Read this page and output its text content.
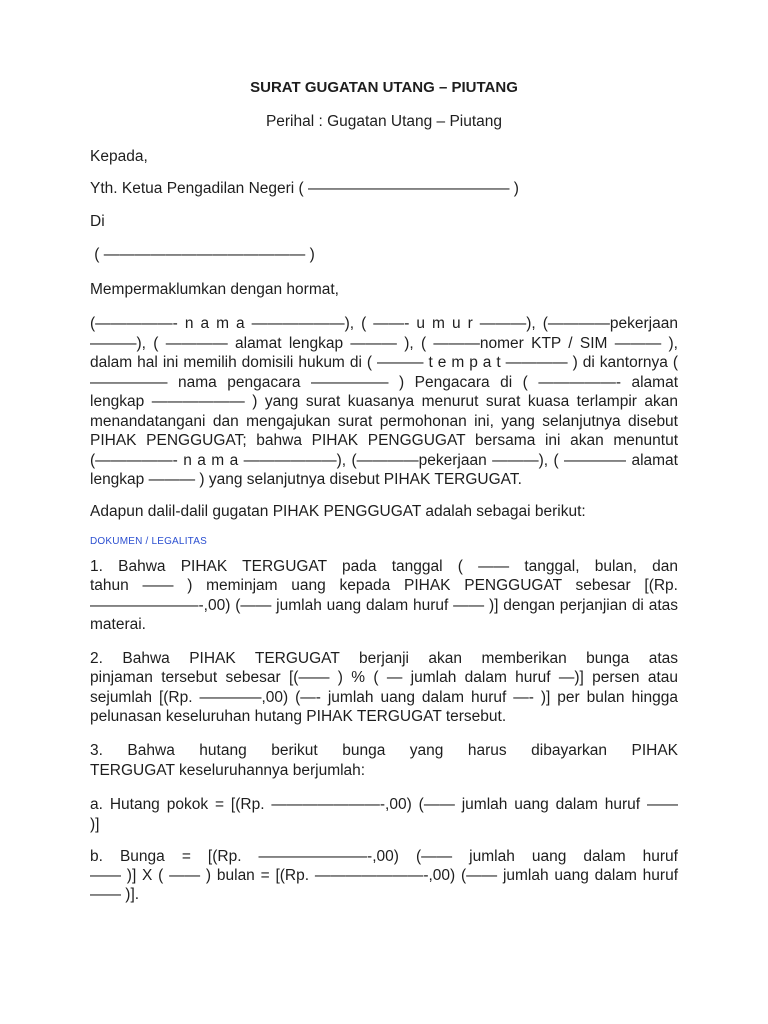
SURAT GUGATAN UTANG – PIUTANG
Perihal : Gugatan Utang – Piutang
Kepada,
Yth. Ketua Pengadilan Negeri ( ————————————— )
Di
( ————————————— )
Mempermaklumkan dengan hormat,
(—————- n a m a ——————), ( ——- u m u r ———), (————pekerjaan ———), ( ———— alamat lengkap ——— ), ( ———nomer KTP / SIM ——— ), dalam hal ini memilih domisili hukum di ( ——— t e m p a t ———— ) di kantornya ( ————— nama pengacara ————— ) Pengacara di ( —————- alamat lengkap —————— ) yang surat kuasanya menurut surat kuasa terlampir akan menandatangani dan mengajukan surat permohonan ini, yang selanjutnya disebut PIHAK PENGGUGAT; bahwa PIHAK PENGGUGAT bersama ini akan menuntut (—————- n a m a ——————), (————pekerjaan ———), ( ———— alamat lengkap ——— ) yang selanjutnya disebut PIHAK TERGUGAT.
Adapun dalil-dalil gugatan PIHAK PENGGUGAT adalah sebagai berikut:
DOKUMEN / LEGALITAS
1. Bahwa PIHAK TERGUGAT pada tanggal ( —— tanggal, bulan, dan
tahun —— ) meminjam uang kepada PIHAK PENGGUGAT sebesar [(Rp. ———————-,00) (—— jumlah uang dalam huruf —— )] dengan perjanjian di atas materai.
2. Bahwa PIHAK TERGUGAT berjanji akan memberikan bunga atas
pinjaman tersebut sebesar [(—— ) % ( — jumlah dalam huruf —)] persen atau sejumlah [(Rp. ————,00) (—- jumlah uang dalam huruf —- )] per bulan hingga pelunasan keseluruhan hutang PIHAK TERGUGAT tersebut.
3. Bahwa hutang berikut bunga yang harus dibayarkan PIHAK
TERGUGAT keseluruhannya berjumlah:
a. Hutang pokok = [(Rp. ———————-,00) (—— jumlah uang dalam huruf ——
)]
b. Bunga = [(Rp. ———————-,00) (—— jumlah uang dalam huruf
—— )] X ( —— ) bulan = [(Rp. ———————-,00) (—— jumlah uang dalam huruf
—— )].
